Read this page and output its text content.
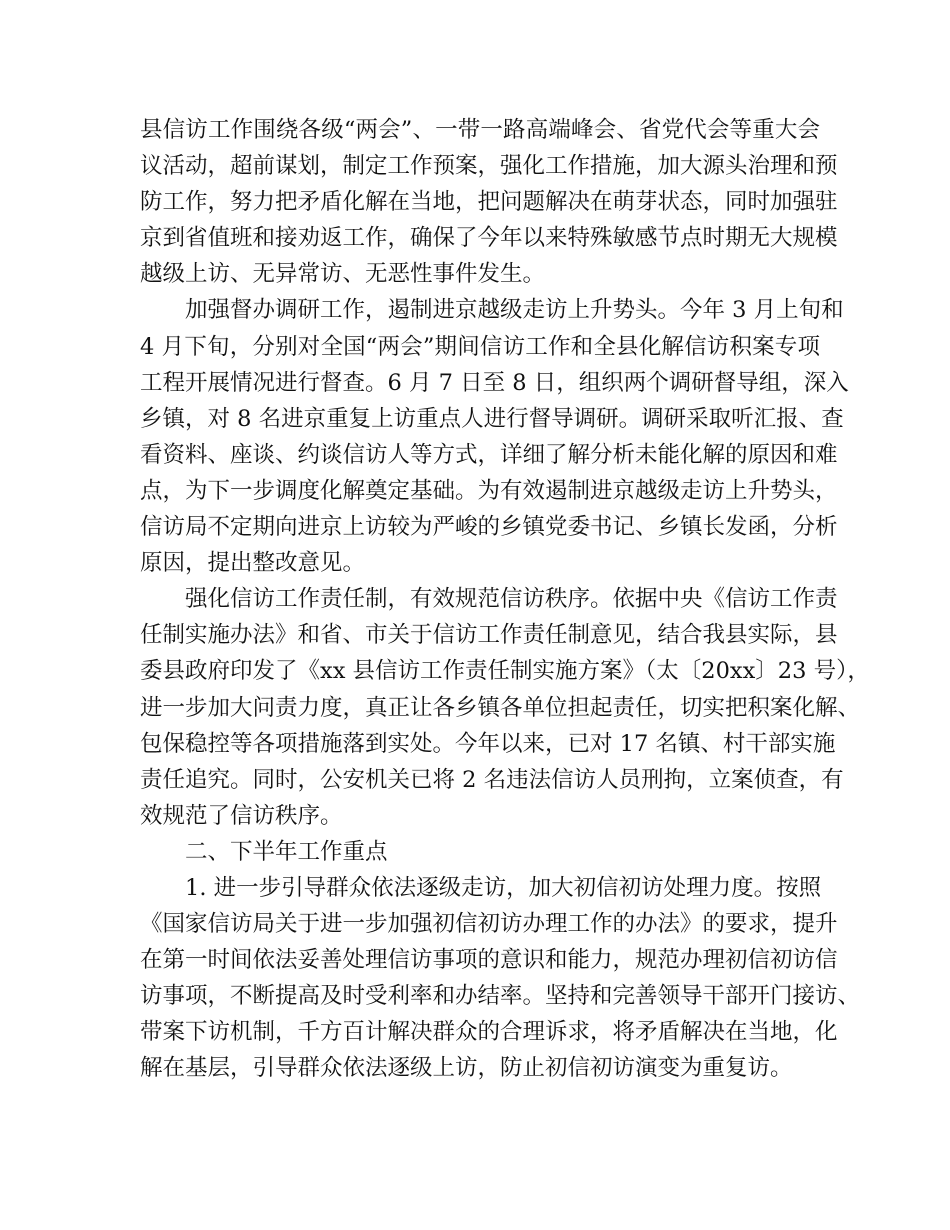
县信访工作围绕各级“两会”、一带一路高端峰会、省党代会等重大会
议活动，超前谋划，制定工作预案，强化工作措施，加大源头治理和预
防工作，努力把矛盾化解在当地，把问题解决在萌芽状态，同时加强驻
京到省值班和接劝返工作，确保了今年以来特殊敏感节点时期无大规模
越级上访、无异常访、无恶性事件发生。
加强督办调研工作，遏制进京越级走访上升势头。今年 3 月上旬和
4 月下旬，分别对全国“两会”期间信访工作和全县化解信访积案专项
工程开展情况进行督查。6 月 7 日至 8 日，组织两个调研督导组，深入
乡镇，对 8 名进京重复上访重点人进行督导调研。调研采取听汇报、查
看资料、座谈、约谈信访人等方式，详细了解分析未能化解的原因和难
点，为下一步调度化解奠定基础。为有效遏制进京越级走访上升势头，
信访局不定期向进京上访较为严峻的乡镇党委书记、乡镇长发函，分析
原因，提出整改意见。
强化信访工作责任制，有效规范信访秩序。依据中央《信访工作责
任制实施办法》和省、市关于信访工作责任制意见，结合我县实际，县
委县政府印发了《xx 县信访工作责任制实施方案》（太〔20xx〕23 号），
进一步加大问责力度，真正让各乡镇各单位担起责任，切实把积案化解、
包保稳控等各项措施落到实处。今年以来，已对 17 名镇、村干部实施
责任追究。同时，公安机关已将 2 名违法信访人员刑拘，立案侦查，有
效规范了信访秩序。
二、下半年工作重点
1. 进一步引导群众依法逐级走访，加大初信初访处理力度。按照
《国家信访局关于进一步加强初信初访办理工作的办法》的要求，提升
在第一时间依法妥善处理信访事项的意识和能力，规范办理初信初访信
访事项，不断提高及时受利率和办结率。坚持和完善领导干部开门接访、
带案下访机制，千方百计解决群众的合理诉求，将矛盾解决在当地，化
解在基层，引导群众依法逐级上访，防止初信初访演变为重复访。
